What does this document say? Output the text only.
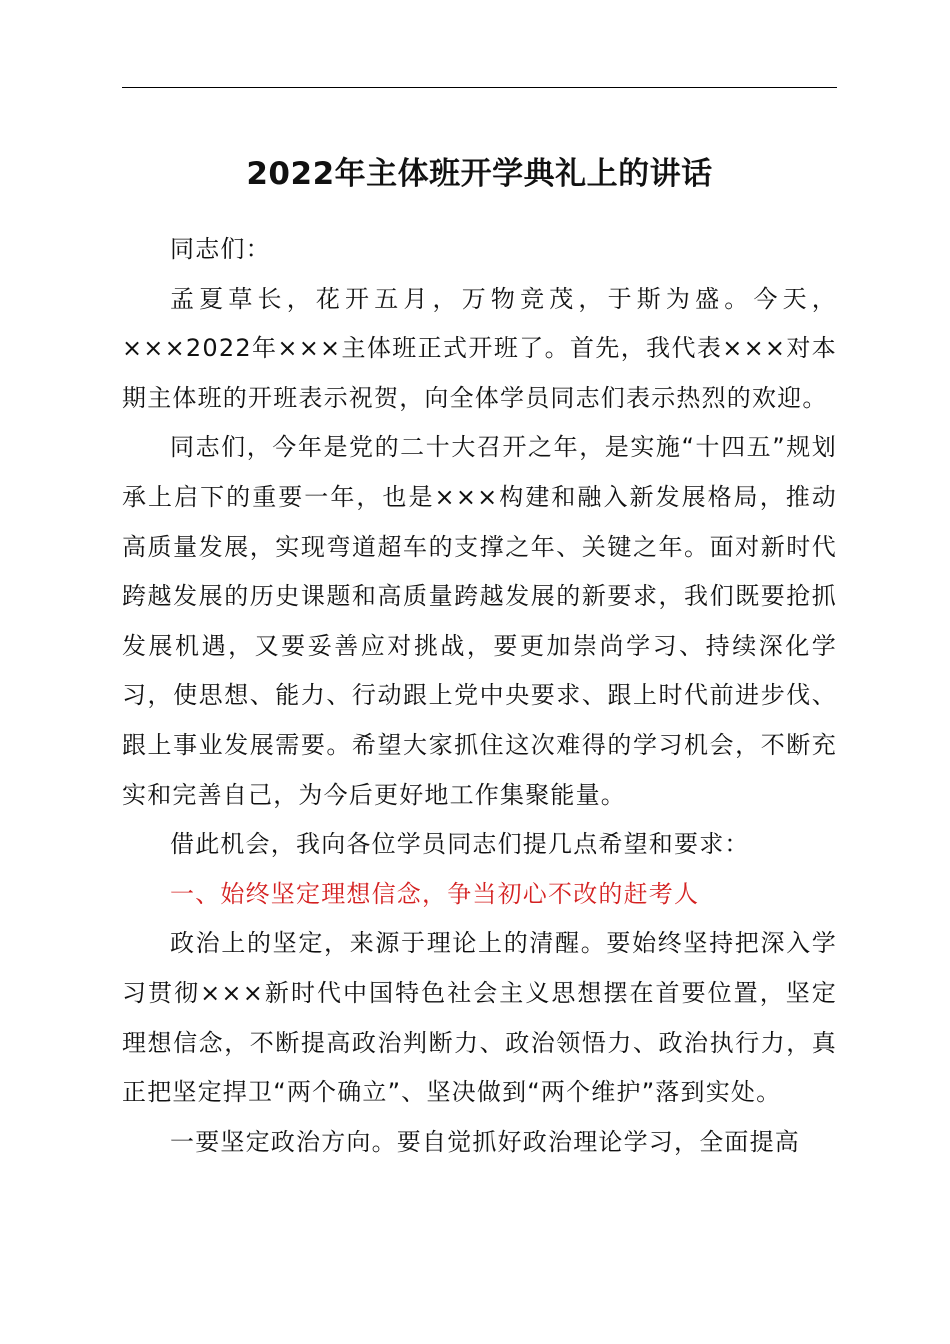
2022年主体班开学典礼上的讲话

同志们：

孟夏草长，花开五月，万物竞茂，于斯为盛。今天，×××2022年×××主体班正式开班了。首先，我代表×××对本期主体班的开班表示祝贺，向全体学员同志们表示热烈的欢迎。

同志们，今年是党的二十大召开之年，是实施“十四五”规划承上启下的重要一年，也是×××构建和融入新发展格局，推动高质量发展，实现弯道超车的支撑之年、关键之年。面对新时代跨越发展的历史课题和高质量跨越发展的新要求，我们既要抢抓发展机遇，又要妥善应对挑战，要更加崇尚学习、持续深化学习，使思想、能力、行动跟上党中央要求、跟上时代前进步伐、跟上事业发展需要。希望大家抓住这次难得的学习机会，不断充实和完善自己，为今后更好地工作集聚能量。

借此机会，我向各位学员同志们提几点希望和要求：

一、始终坚定理想信念，争当初心不改的赶考人

政治上的坚定，来源于理论上的清醒。要始终坚持把深入学习贯彻×××新时代中国特色社会主义思想摆在首要位置，坚定理想信念，不断提高政治判断力、政治领悟力、政治执行力，真正把坚定捍卫“两个确立”、坚决做到“两个维护”落到实处。

一要坚定政治方向。要自觉抓好政治理论学习，全面提高
